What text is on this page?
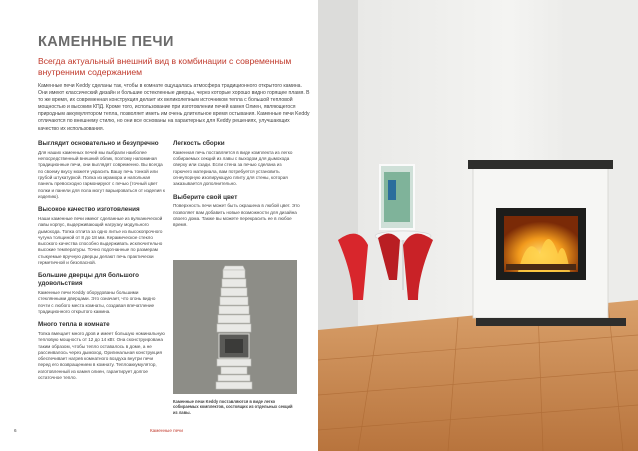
КАМЕННЫЕ ПЕЧИ
Всегда актуальный внешний вид в комбинации с современным внутренним содержанием
Каменные печи Keddy сделаны так, чтобы в комнате ощущалась атмосфера традиционного открытого камина. Они имеют классический дизайн и большие остекленные дверцы, через которые хорошо видно горящее пламя. В то же время, их современная конструкция делает их великолепным источником тепла с большой тепловой мощностью и высоким КПД. Кроме того, использование при изготовлении печей камня Олиен, являющегося природным аккумулятором тепла, позволяет иметь им очень длительное время остывания. Каменные печи Keddy отличаются по внешнему стилю, но они все основаны на характерных для Keddy решениях, улучшающих качество их использования.
Выглядит основательно и безупречно

Для наших каменных печей мы выбрали наиболее непосредственный внешний облик, поэтому напоминая традиционные печи, они выглядят современно. Вы всегда по своему вкусу можете украсить Вашу печь тонкой или грубой штукатуркой. Полка из мрамора и напольная панель превосходно гармонируют с печью (точный цвет полки и панели для пола могут варьироваться от изделия к изделию).

Высокое качество изготовления

Наши каменные печи имеют сделанные из вулканической лавы корпус, выдерживающий нагрузку модульного дымохода. Топка отлита за одно литье из высокопрочного чугуна толщиной от 8 до 18 мм. Керамическое стекло высокого качества способно выдерживать исключительно высокие температуры. Точно подогнанные по размерам стыкуемые вручную дверцы делают печь практически герметичной и безопасной.

Большие дверцы для большого удовольствия

Каменные печи Keddy оборудованы большими стеклянными дверцами. Это означает, что огонь видно почти с любого места комнаты, создавая впечатление традиционного открытого камина.

Много тепла в комнате

Топка вмещает много дров и имеет большую номинальную тепловую мощность от 12 до 14 кВт. Она сконструирована таким образом, чтобы тепло оставалось в доме, а не рассеивалось через дымоход. Оригинальная конструкция обеспечивает нагрев комнатного воздуха внутри печи перед его возвращением в комнату. Теплоаккумулятор, изготовленный из камня олиен, гарантирует долгое остаточное тепло.

Легкость сборки

Каменная печь поставляется в виде комплекта из легко собираемых секций из лавы с выходом для дымохода сверху или сзади. Если стена за печью сделана из горючего материала, вам потребуется установить огнеупорную изолирующую плиту для стены, которая заказывается дополнительно.

Выберите свой цвет

Поверхность печи может быть окрашена в любой цвет. Это позволяет вам добавить новые возможности для дизайна своего дома. Также вы можете перекрасить ее в любое время.

Каменные печи Keddy поставляются в виде легко собираемых комплектов, состоящих из отдельных секций из лавы.
6	Каменные печи
